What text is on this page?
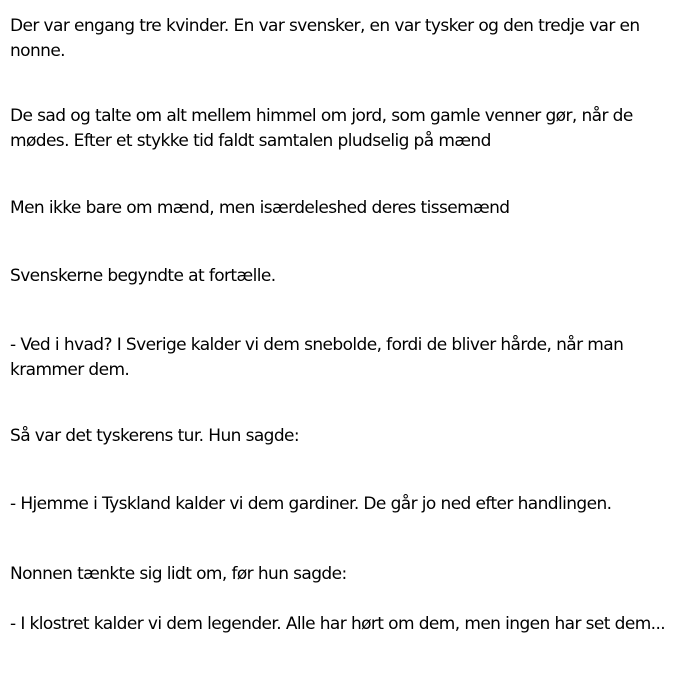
Der var engang tre kvinder. En var svensker, en var tysker og den tredje var en nonne.

De sad og talte om alt mellem himmel om jord, som gamle venner gør, når de mødes. Efter et stykke tid faldt samtalen pludselig på mænd

Men ikke bare om mænd, men isærdeleshed deres tissemænd

Svenskerne begyndte at fortælle.

- Ved i hvad? I Sverige kalder vi dem snebolde, fordi de bliver hårde, når man krammer dem.

Så var det tyskerens tur. Hun sagde:

- Hjemme i Tyskland kalder vi dem gardiner. De går jo ned efter handlingen.

Nonnen tænkte sig lidt om, før hun sagde:

- I klostret kalder vi dem legender. Alle har hørt om dem, men ingen har set dem...
